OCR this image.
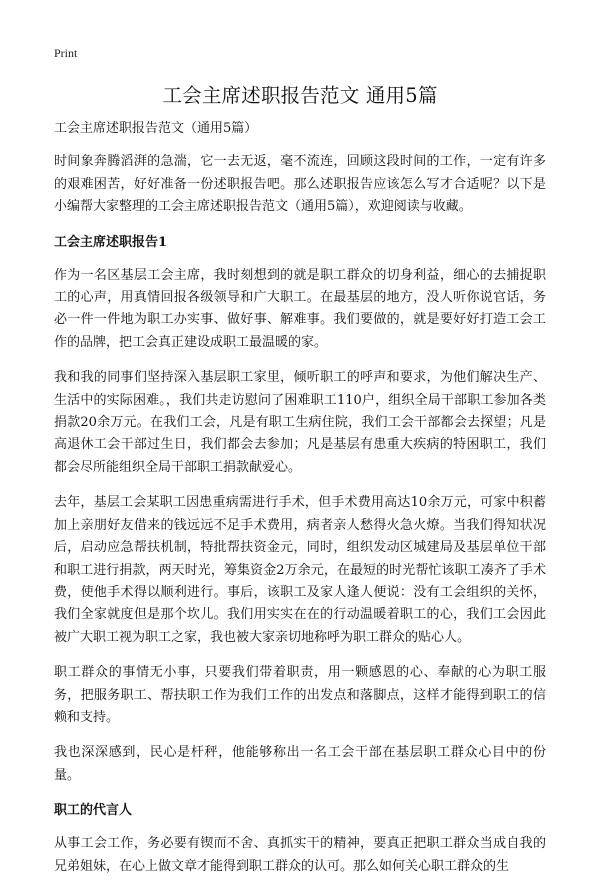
Print
工会主席述职报告范文 通用5篇

工会主席述职报告范文（通用5篇）

时间象奔腾滔湃的急湍，它一去无返，毫不流连，回顾这段时间的工作，一定有许多的艰难困苦，好好准备一份述职报告吧。那么述职报告应该怎么写才合适呢？以下是小编帮大家整理的工会主席述职报告范文（通用5篇），欢迎阅读与收藏。

工会主席述职报告1

作为一名区基层工会主席，我时刻想到的就是职工群众的切身利益，细心的去捕捉职工的心声，用真情回报各级领导和广大职工。在最基层的地方，没人听你说官话，务必一件一件地为职工办实事、做好事、解难事。我们要做的，就是要好好打造工会工作的品牌，把工会真正建设成职工最温暖的家。

我和我的同事们坚持深入基层职工家里，倾听职工的呼声和要求，为他们解决生产、生活中的实际困难。，我们共走访慰问了困难职工110户，组织全局干部职工参加各类捐款20余万元。在我们工会，凡是有职工生病住院，我们工会干部都会去探望；凡是高退休工会干部过生日，我们都会去参加；凡是基层有患重大疾病的特困职工，我们都会尽所能组织全局干部职工捐款献爱心。

去年，基层工会某职工因患重病需进行手术，但手术费用高达10余万元，可家中积蓄加上亲朋好友借来的钱远远不足手术费用，病者亲人愁得火急火燎。当我们得知状况后，启动应急帮扶机制，特批帮扶资金元，同时，组织发动区城建局及基层单位干部和职工进行捐款，两天时光，筹集资金2万余元，在最短的时光帮忙该职工凑齐了手术费，使他手术得以顺利进行。事后，该职工及家人逢人便说：没有工会组织的关怀，我们全家就度但是那个坎儿。我们用实实在在的行动温暖着职工的心，我们工会因此被广大职工视为职工之家，我也被大家亲切地称呼为职工群众的贴心人。

职工群众的事情无小事，只要我们带着职责，用一颗感恩的心、奉献的心为职工服务，把服务职工、帮扶职工作为我们工作的出发点和落脚点，这样才能得到职工的信赖和支持。

我也深深感到，民心是杆秤，他能够称出一名工会干部在基层职工群众心目中的份量。

职工的代言人

从事工会工作，务必要有锲而不舍、真抓实干的精神，要真正把职工群众当成自我的兄弟姐妹，在心上做文章才能得到职工群众的认可。那么如何关心职工群众的生
